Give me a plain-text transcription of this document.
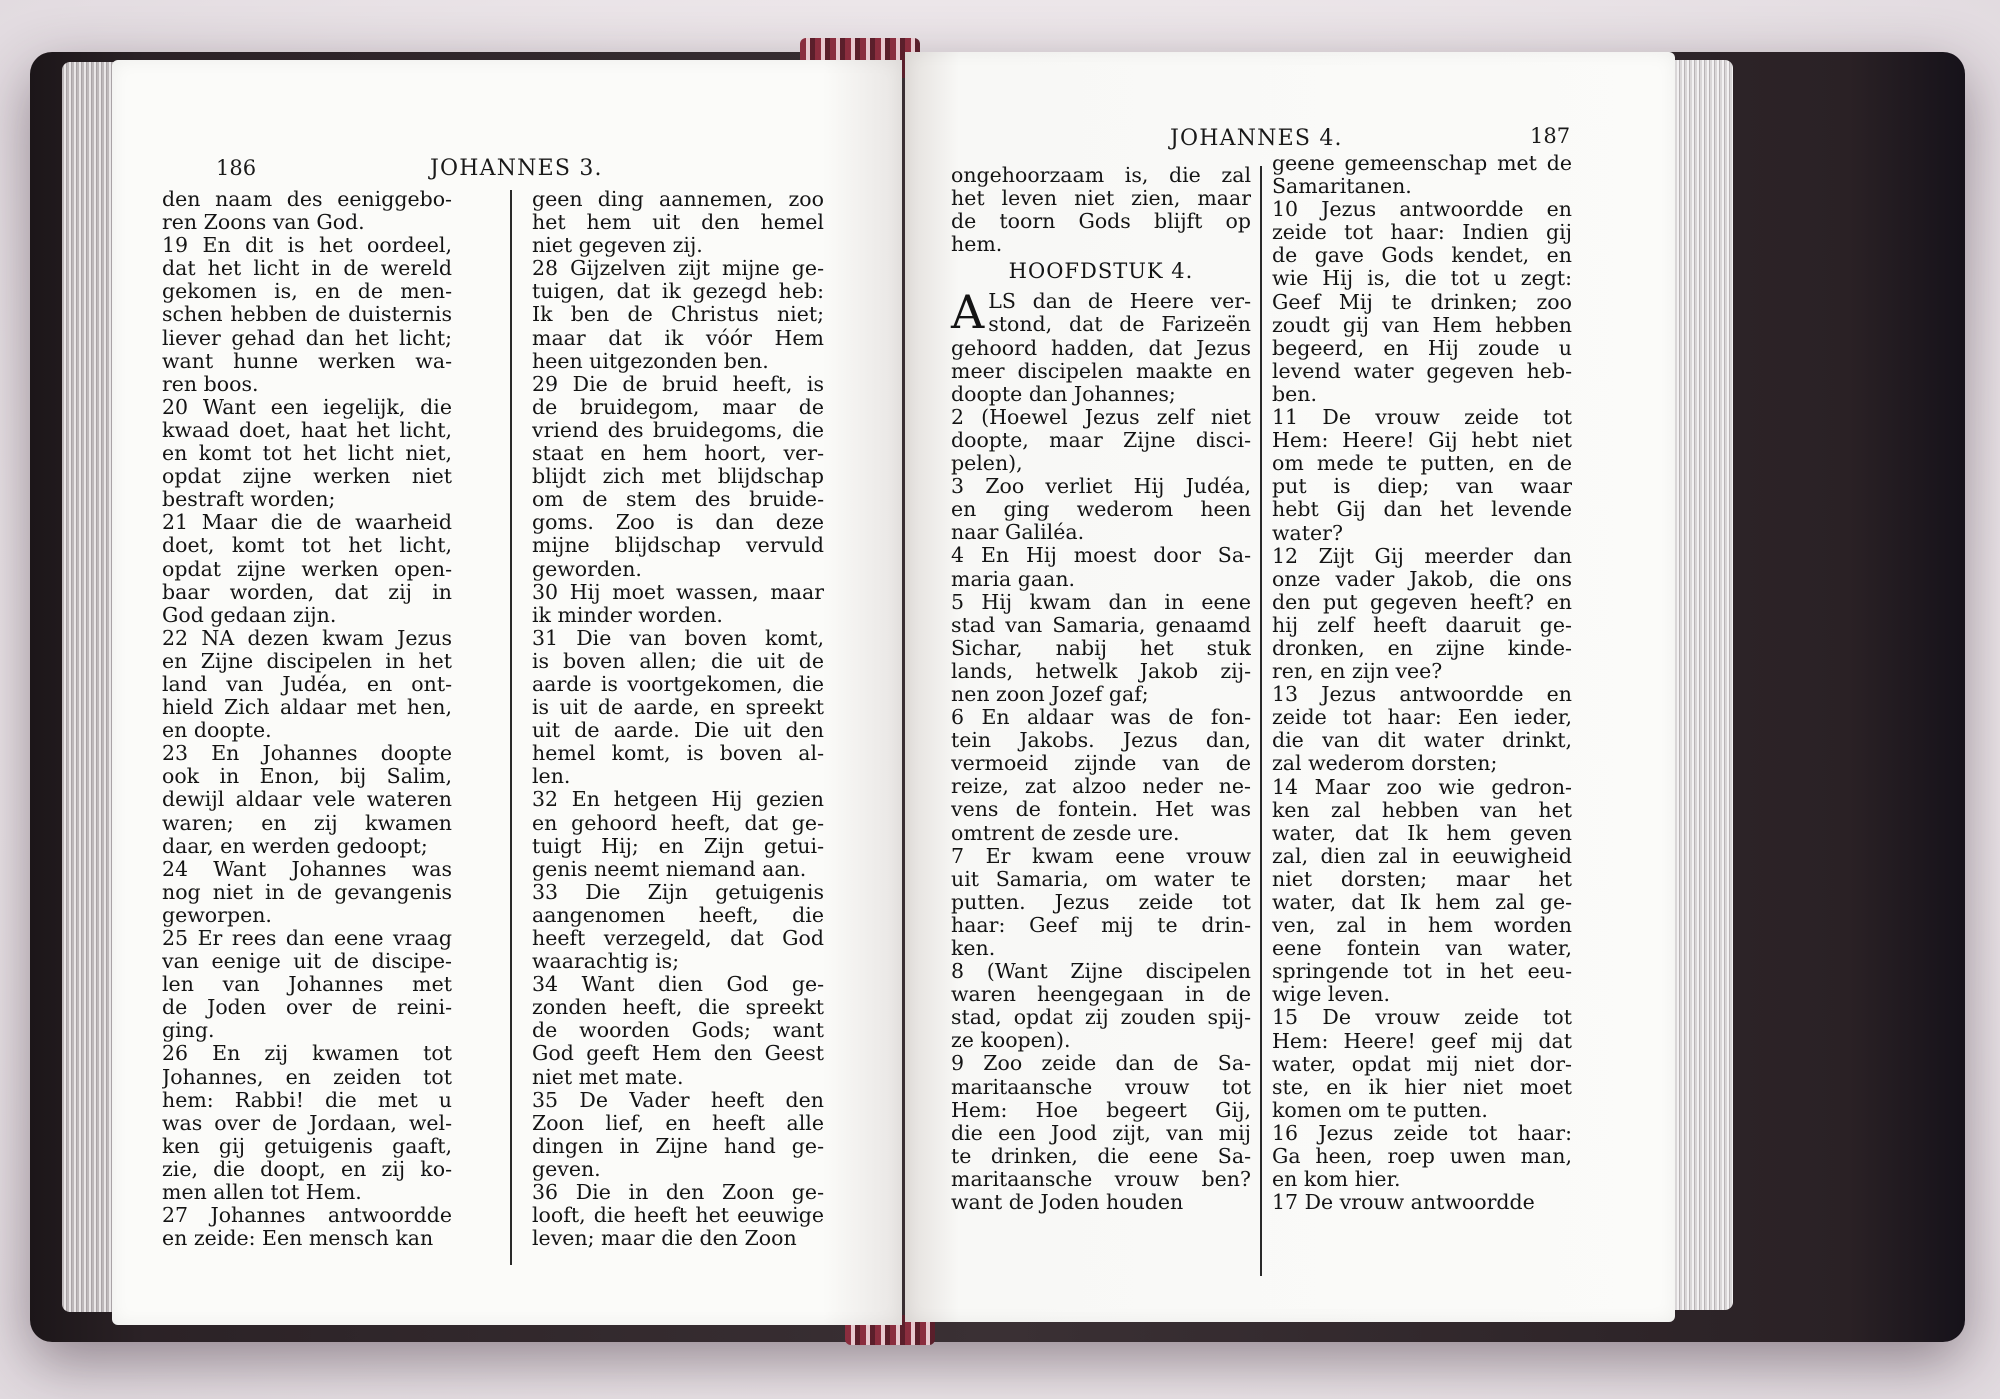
186	JOHANNES 3.
den naam des eeniggebo-
ren Zoons van God.
19 En dit is het oordeel,
dat het licht in de wereld
gekomen is, en de men-
schen hebben de duisternis
liever gehad dan het licht;
want hunne werken wa-
ren boos.
20 Want een iegelijk, die
kwaad doet, haat het licht,
en komt tot het licht niet,
opdat zijne werken niet
bestraft worden;
21 Maar die de waarheid
doet, komt tot het licht,
opdat zijne werken open-
baar worden, dat zij in
God gedaan zijn.
22 NA dezen kwam Jezus
en Zijne discipelen in het
land van Judéa, en ont-
hield Zich aldaar met hen,
en doopte.
23 En Johannes doopte
ook in Enon, bij Salim,
dewijl aldaar vele wateren
waren; en zij kwamen
daar, en werden gedoopt;
24 Want Johannes was
nog niet in de gevangenis
geworpen.
25 Er rees dan eene vraag
van eenige uit de discipe-
len van Johannes met
de Joden over de reini-
ging.
26 En zij kwamen tot
Johannes, en zeiden tot
hem: Rabbi! die met u
was over de Jordaan, wel-
ken gij getuigenis gaaft,
zie, die doopt, en zij ko-
men allen tot Hem.
27 Johannes antwoordde
en zeide: Een mensch kan
geen ding aannemen, zoo
het hem uit den hemel
niet gegeven zij.
28 Gijzelven zijt mijne ge-
tuigen, dat ik gezegd heb:
Ik ben de Christus niet;
maar dat ik vóór Hem
heen uitgezonden ben.
29 Die de bruid heeft, is
de bruidegom, maar de
vriend des bruidegoms, die
staat en hem hoort, ver-
blijdt zich met blijdschap
om de stem des bruide-
goms. Zoo is dan deze
mijne blijdschap vervuld
geworden.
30 Hij moet wassen, maar
ik minder worden.
31 Die van boven komt,
is boven allen; die uit de
aarde is voortgekomen, die
is uit de aarde, en spreekt
uit de aarde. Die uit den
hemel komt, is boven al-
len.
32 En hetgeen Hij gezien
en gehoord heeft, dat ge-
tuigt Hij; en Zijn getui-
genis neemt niemand aan.
33 Die Zijn getuigenis
aangenomen heeft, die
heeft verzegeld, dat God
waarachtig is;
34 Want dien God ge-
zonden heeft, die spreekt
de woorden Gods; want
God geeft Hem den Geest
niet met mate.
35 De Vader heeft den
Zoon lief, en heeft alle
dingen in Zijne hand ge-
geven.
36 Die in den Zoon ge-
looft, die heeft het eeuwige
leven; maar die den Zoon
JOHANNES 4.	187
ongehoorzaam is, die zal
het leven niet zien, maar
de toorn Gods blijft op
hem.
HOOFDSTUK 4.
A LS dan de Heere ver-
stond, dat de Farizeën
gehoord hadden, dat Jezus
meer discipelen maakte en
doopte dan Johannes;
2 (Hoewel Jezus zelf niet
doopte, maar Zijne disci-
pelen),
3 Zoo verliet Hij Judéa,
en ging wederom heen
naar Galiléa.
4 En Hij moest door Sa-
maria gaan.
5 Hij kwam dan in eene
stad van Samaria, genaamd
Sichar, nabij het stuk
lands, hetwelk Jakob zij-
nen zoon Jozef gaf;
6 En aldaar was de fon-
tein Jakobs. Jezus dan,
vermoeid zijnde van de
reize, zat alzoo neder ne-
vens de fontein. Het was
omtrent de zesde ure.
7 Er kwam eene vrouw
uit Samaria, om water te
putten. Jezus zeide tot
haar: Geef mij te drin-
ken.
8 (Want Zijne discipelen
waren heengegaan in de
stad, opdat zij zouden spij-
ze koopen).
9 Zoo zeide dan de Sa-
maritaansche vrouw tot
Hem: Hoe begeert Gij,
die een Jood zijt, van mij
te drinken, die eene Sa-
maritaansche vrouw ben?
want de Joden houden
geene gemeenschap met de
Samaritanen.
10 Jezus antwoordde en
zeide tot haar: Indien gij
de gave Gods kendet, en
wie Hij is, die tot u zegt:
Geef Mij te drinken; zoo
zoudt gij van Hem hebben
begeerd, en Hij zoude u
levend water gegeven heb-
ben.
11 De vrouw zeide tot
Hem: Heere! Gij hebt niet
om mede te putten, en de
put is diep; van waar
hebt Gij dan het levende
water?
12 Zijt Gij meerder dan
onze vader Jakob, die ons
den put gegeven heeft? en
hij zelf heeft daaruit ge-
dronken, en zijne kinde-
ren, en zijn vee?
13 Jezus antwoordde en
zeide tot haar: Een ieder,
die van dit water drinkt,
zal wederom dorsten;
14 Maar zoo wie gedron-
ken zal hebben van het
water, dat Ik hem geven
zal, dien zal in eeuwigheid
niet dorsten; maar het
water, dat Ik hem zal ge-
ven, zal in hem worden
eene fontein van water,
springende tot in het eeu-
wige leven.
15 De vrouw zeide tot
Hem: Heere! geef mij dat
water, opdat mij niet dor-
ste, en ik hier niet moet
komen om te putten.
16 Jezus zeide tot haar:
Ga heen, roep uwen man,
en kom hier.
17 De vrouw antwoordde
